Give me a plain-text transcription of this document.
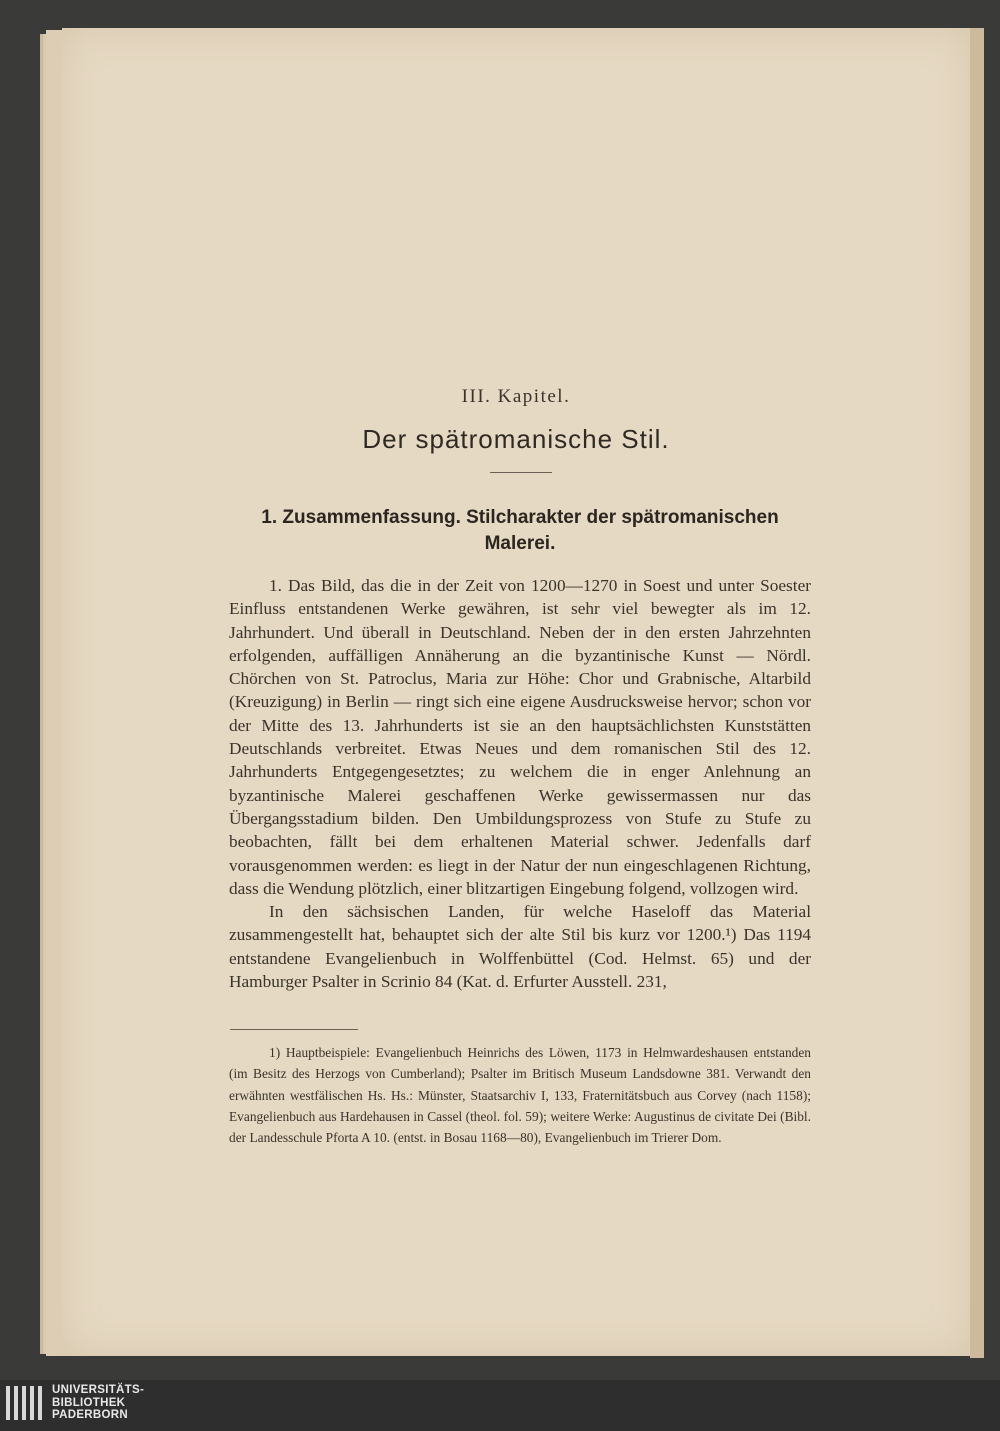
III. Kapitel.
Der spätromanische Stil.
1. Zusammenfassung. Stilcharakter der spätromanischen Malerei.

1. Das Bild, das die in der Zeit von 1200—1270 in Soest und unter Soester Einfluss entstandenen Werke gewähren, ist sehr viel bewegter als im 12. Jahrhundert. Und überall in Deutschland. Neben der in den ersten Jahrzehnten erfolgenden, auffälligen Annäherung an die byzantinische Kunst — Nördl. Chörchen von St. Patroclus, Maria zur Höhe: Chor und Grabnische, Altarbild (Kreuzigung) in Berlin — ringt sich eine eigene Ausdrucksweise hervor; schon vor der Mitte des 13. Jahrhunderts ist sie an den hauptsächlichsten Kunststätten Deutschlands verbreitet. Etwas Neues und dem romanischen Stil des 12. Jahrhunderts Entgegengesetztes; zu welchem die in enger Anlehnung an byzantinische Malerei geschaffenen Werke gewissermassen nur das Übergangsstadium bilden. Den Umbildungsprozess von Stufe zu Stufe zu beobachten, fällt bei dem erhaltenen Material schwer. Jedenfalls darf vorausgenommen werden: es liegt in der Natur der nun eingeschlagenen Richtung, dass die Wendung plötzlich, einer blitzartigen Eingebung folgend, vollzogen wird.

In den sächsischen Landen, für welche Haseloff das Material zusammengestellt hat, behauptet sich der alte Stil bis kurz vor 1200.¹) Das 1194 entstandene Evangelienbuch in Wolffenbüttel (Cod. Helmst. 65) und der Hamburger Psalter in Scrinio 84 (Kat. d. Erfurter Ausstell. 231,

1) Hauptbeispiele: Evangelienbuch Heinrichs des Löwen, 1173 in Helmwardeshausen entstanden (im Besitz des Herzogs von Cumberland); Psalter im Britisch Museum Landsdowne 381. Verwandt den erwähnten westfälischen Hs. Hs.: Münster, Staatsarchiv I, 133, Fraternitätsbuch aus Corvey (nach 1158); Evangelienbuch aus Hardehausen in Cassel (theol. fol. 59); weitere Werke: Augustinus de civitate Dei (Bibl. der Landesschule Pforta A 10. (entst. in Bosau 1168—80), Evangelienbuch im Trierer Dom.

UNIVERSITÄTS-
BIBLIOTHEK
PADERBORN
